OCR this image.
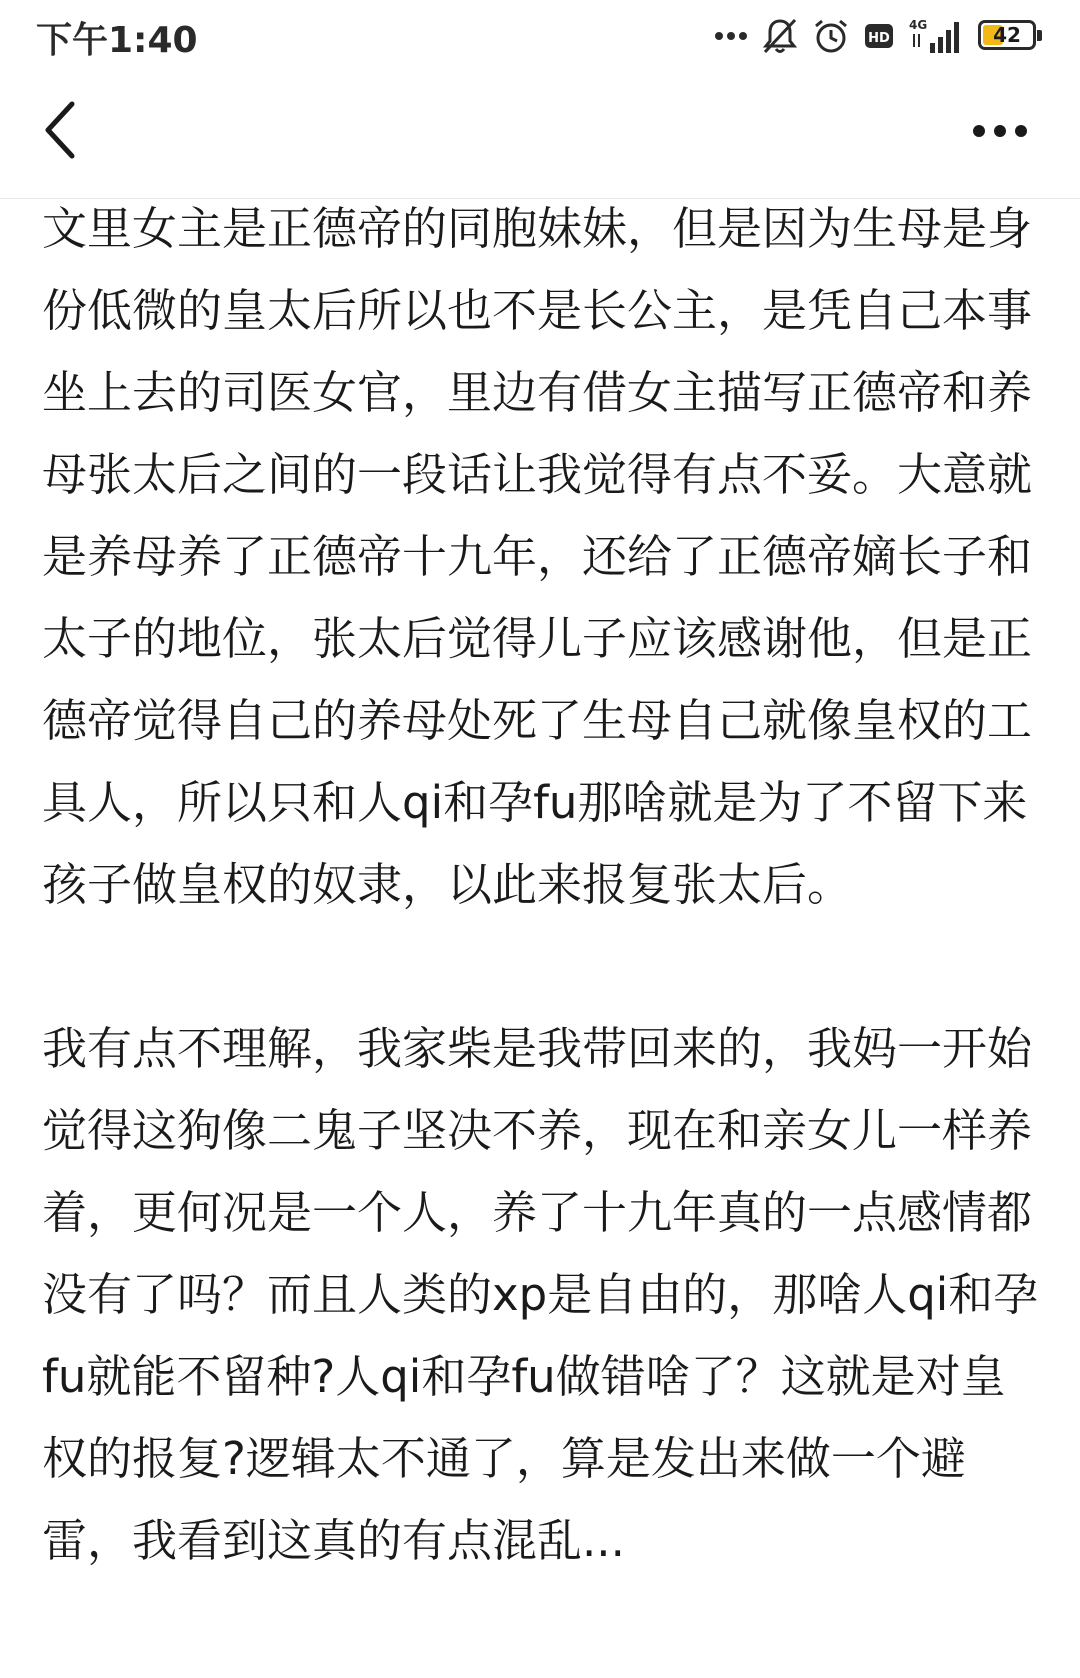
下午1:40	HD
4G	42

文里女主是正德帝的同胞妹妹，但是因为生母是身份低微的皇太后所以也不是长公主，是凭自己本事坐上去的司医女官，里边有借女主描写正德帝和养母张太后之间的一段话让我觉得有点不妥。大意就是养母养了正德帝十九年，还给了正德帝嫡长子和太子的地位，张太后觉得儿子应该感谢他，但是正德帝觉得自己的养母处死了生母自己就像皇权的工具人，所以只和人qi和孕fu那啥就是为了不留下来孩子做皇权的奴隶，以此来报复张太后。

我有点不理解，我家柴是我带回来的，我妈一开始觉得这狗像二鬼子坚决不养，现在和亲女儿一样养着，更何况是一个人，养了十九年真的一点感情都没有了吗？而且人类的xp是自由的，那啥人qi和孕fu就能不留种?人qi和孕fu做错啥了？这就是对皇权的报复?逻辑太不通了，算是发出来做一个避雷，我看到这真的有点混乱...
